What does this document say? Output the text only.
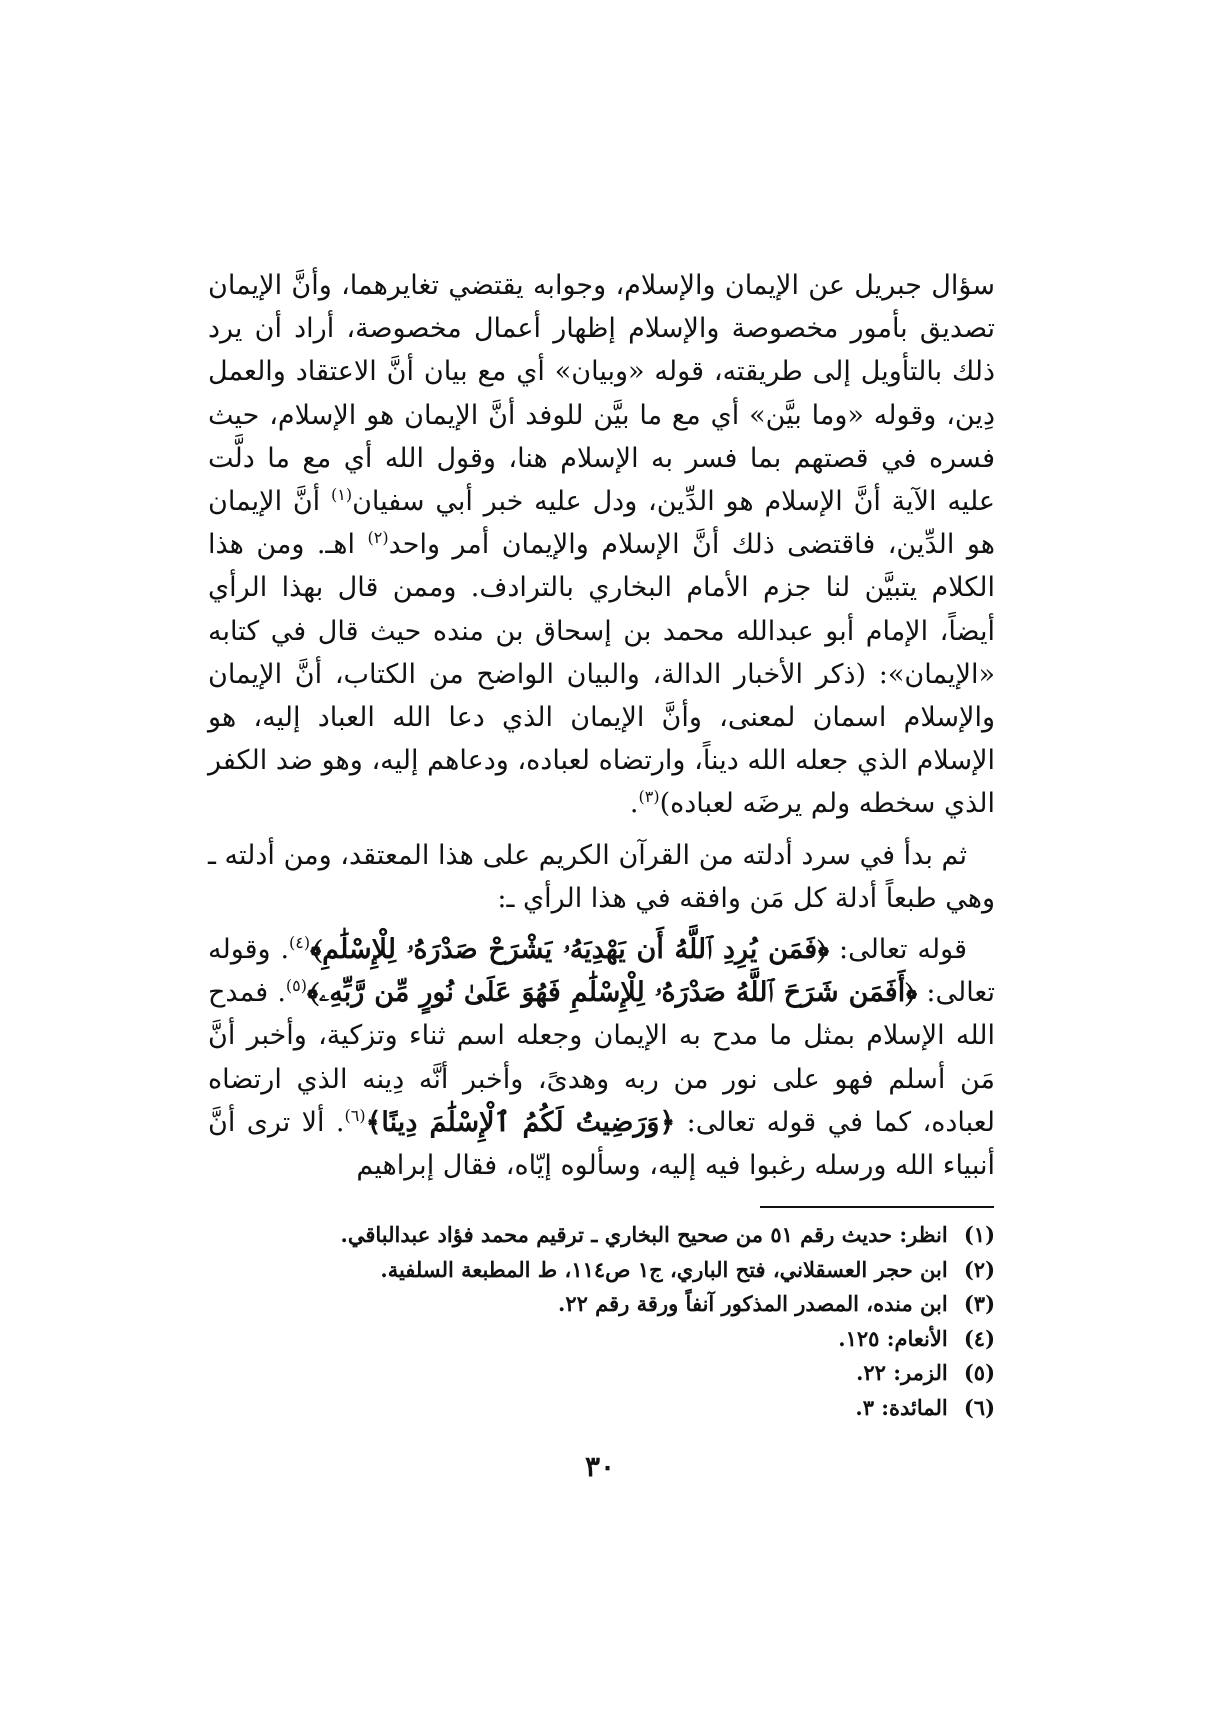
سؤال جبريل عن الإيمان والإسلام، وجوابه يقتضي تغايرهما، وأنَّ الإيمان تصديق بأمور مخصوصة والإسلام إظهار أعمال مخصوصة، أراد أن يرد ذلك بالتأويل إلى طريقته، قوله «وبيان» أي مع بيان أنَّ الاعتقاد والعمل دِين، وقوله «وما بيَّن» أي مع ما بيَّن للوفد أنَّ الإيمان هو الإسلام، حيث فسره في قصتهم بما فسر به الإسلام هنا، وقول الله أي مع ما دلَّت عليه الآية أنَّ الإسلام هو الدِّين، ودل عليه خبر أبي سفيان$^{(١)}$ أنَّ الإيمان هو الدِّين، فاقتضى ذلك أنَّ الإسلام والإيمان أمر واحد$^{(٢)}$ اهـ. ومن هذا الكلام يتبيَّن لنا جزم الأمام البخاري بالترادف. وممن قال بهذا الرأي أيضاً، الإمام أبو عبدالله محمد بن إسحاق بن منده حيث قال في كتابه «الإيمان»: (ذكر الأخبار الدالة، والبيان الواضح من الكتاب، أنَّ الإيمان والإسلام اسمان لمعنى، وأنَّ الإيمان الذي دعا الله العباد إليه، هو الإسلام الذي جعله الله ديناً، وارتضاه لعباده، ودعاهم إليه، وهو ضد الكفر الذي سخطه ولم يرضَه لعباده)$^{(٣)}$.

ثم بدأ في سرد أدلته من القرآن الكريم على هذا المعتقد، ومن أدلته ـ وهي طبعاً أدلة كل مَن وافقه في هذا الرأي ـ:

قوله تعالى: ﴿فَمَن يُرِدِ ٱللَّهُ أَن يَهْدِيَهُۥ يَشْرَحْ صَدْرَهُۥ لِلْإِسْلَٰمِ﴾$^{(٤)}$. وقوله تعالى: ﴿أَفَمَن شَرَحَ ٱللَّهُ صَدْرَهُۥ لِلْإِسْلَٰمِ فَهُوَ عَلَىٰ نُورٍ مِّن رَّبِّهِۦ﴾$^{(٥)}$. فمدح الله الإسلام بمثل ما مدح به الإيمان وجعله اسم ثناء وتزكية، وأخبر أنَّ مَن أسلم فهو على نور من ربه وهدىً، وأخبر أنَّه دِينه الذي ارتضاه لعباده، كما في قوله تعالى: ﴿وَرَضِيتُ لَكُمُ ٱلْإِسْلَٰمَ دِينًا﴾$^{(٦)}$. ألا ترى أنَّ أنبياء الله ورسله رغبوا فيه إليه، وسألوه إيّاه، فقال إبراهيم

(١) انظر: حديث رقم ٥١ من صحيح البخاري ـ ترقيم محمد فؤاد عبدالباقي.
(٢) ابن حجر العسقلاني، فتح الباري، ج١ ص١١٤، ط المطبعة السلفية.
(٣) ابن منده، المصدر المذكور آنفاً ورقة رقم ٢٢.
(٤) الأنعام: ١٢٥.
(٥) الزمر: ٢٢.
(٦) المائدة: ٣.
٣٠
